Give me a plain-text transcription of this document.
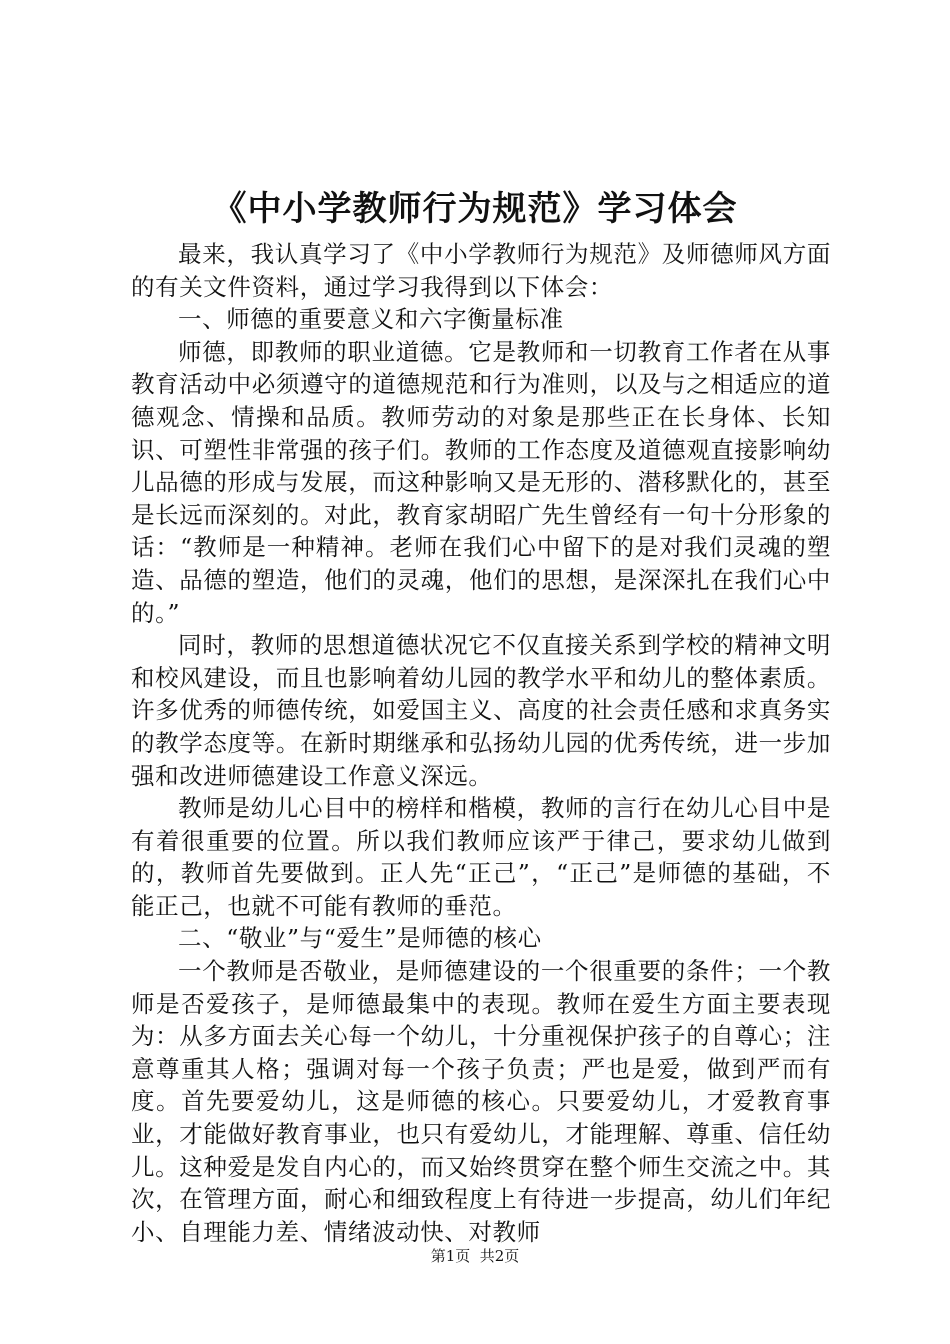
《中小学教师行为规范》学习体会

最来，我认真学习了《中小学教师行为规范》及师德师风方面的有关文件资料，通过学习我得到以下体会：

一、师德的重要意义和六字衡量标准

师德，即教师的职业道德。它是教师和一切教育工作者在从事教育活动中必须遵守的道德规范和行为准则，以及与之相适应的道德观念、情操和品质。教师劳动的对象是那些正在长身体、长知识、可塑性非常强的孩子们。教师的工作态度及道德观直接影响幼儿品德的形成与发展，而这种影响又是无形的、潜移默化的，甚至是长远而深刻的。对此，教育家胡昭广先生曾经有一句十分形象的话：“教师是一种精神。老师在我们心中留下的是对我们灵魂的塑造、品德的塑造，他们的灵魂，他们的思想，是深深扎在我们心中的。”

同时，教师的思想道德状况它不仅直接关系到学校的精神文明和校风建设，而且也影响着幼儿园的教学水平和幼儿的整体素质。许多优秀的师德传统，如爱国主义、高度的社会责任感和求真务实的教学态度等。在新时期继承和弘扬幼儿园的优秀传统，进一步加强和改进师德建设工作意义深远。

教师是幼儿心目中的榜样和楷模，教师的言行在幼儿心目中是有着很重要的位置。所以我们教师应该严于律己，要求幼儿做到的，教师首先要做到。正人先“正己”，“正己”是师德的基础，不能正己，也就不可能有教师的垂范。

二、“敬业”与“爱生”是师德的核心

一个教师是否敬业，是师德建设的一个很重要的条件；一个教师是否爱孩子，是师德最集中的表现。教师在爱生方面主要表现为：从多方面去关心每一个幼儿，十分重视保护孩子的自尊心；注意尊重其人格；强调对每一个孩子负责；严也是爱，做到严而有度。首先要爱幼儿，这是师德的核心。只要爱幼儿，才爱教育事业，才能做好教育事业，也只有爱幼儿，才能理解、尊重、信任幼儿。这种爱是发自内心的，而又始终贯穿在整个师生交流之中。其次，在管理方面，耐心和细致程度上有待进一步提高，幼儿们年纪小、自理能力差、情绪波动快、对教师

第1页  共2页
